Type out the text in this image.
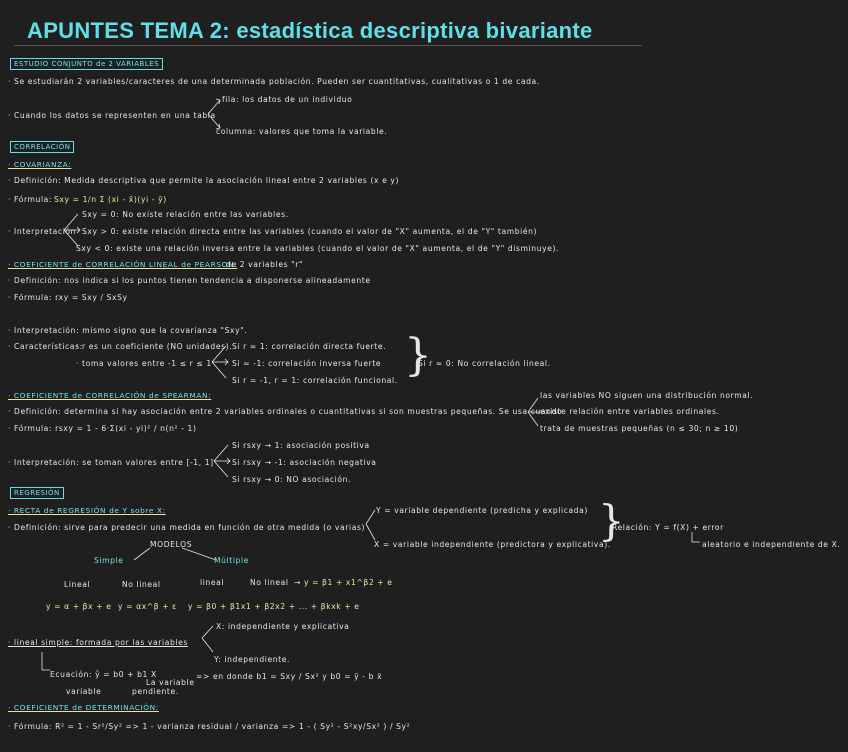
APUNTES TEMA 2: estadística descriptiva bivariante
ESTUDIO CONJUNTO de 2 VARIABLES
· Se estudiarán 2 variables/caracteres de una determinada población. Pueden ser cuantitativas, cualitativas o 1 de cada.
· Cuando los datos se representen en una tabla
fila: los datos de un individuo
columna: valores que toma la variable.
CORRELACIÓN
· COVARIANZA:
· Definición: Medida descriptiva que permite la asociación lineal entre 2 variables (x e y)
· Fórmula: Sxy = 1/n Σ (xi - x̄)(yi - ȳ)
· Interpretación
Sxy = 0: No existe relación entre las variables.
Sxy > 0: existe relación directa entre las variables (cuando el valor de "X" aumenta, el de "Y" también)
Sxy < 0: existe una relación inversa entre la variables (cuando el valor de "X" aumenta, el de "Y" disminuye).
· COEFICIENTE de CORRELACIÓN LINEAL de PEARSON:
de 2 variables "r"
· Definición: nos indica si los puntos tienen tendencia a disponerse alineadamente
· Fórmula: rxy = Sxy / SxSy
· Interpretación: mismo signo que la covarianza "Sxy".
· Características:
· r es un coeficiente (NO unidades).
· toma valores entre -1 ≤ r ≤ 1
Si r ≈ 1: correlación directa fuerte.
Si ≈ -1: correlación inversa fuerte
Si r = -1, r = 1: correlación funcional. }
Si r ≈ 0: No correlación lineal.
· COEFICIENTE de CORRELACIÓN de SPEARMAN:	las variables NO siguen una distribución normal.
· Definición: determina si hay asociación entre 2 variables ordinales o cuantitativas si son muestras pequeñas. Se usa cuando
existe relación entre variables ordinales.
trata de muestras pequeñas (n ≤ 30; n ≥ 10)
· Fórmula: rsxy = 1 - 6·Σ(xi - yi)² / n(n² - 1)
· Interpretación: se toman valores entre [-1, 1]
Si rsxy → 1: asociación positiva
Si rsxy → -1: asociación negativa
Si rsxy → 0: NO asociación.
REGRESIÓN
· RECTA de REGRESIÓN de Y sobre X:	Y = variable dependiente (predicha y explicada)
· Definición: sirve para predecir una medida en función de otra medida (o varias)
X = variable independiente (predictora y explicativa).
}
Relación: Y = f(X) + error
aleatorio e independiente de X.
MODELOS
Simple	Múltiple
Lineal	No lineal	lineal	No lineal → y = β1 + x1^β2 + e
y = α + βx + e y = αx^β + ε y = β0 + β1x1 + β2x2 + ... + βkxk + e
· lineal simple: formada por las variables
X: independiente y explicativa
Y: independiente.
Ecuación: ŷ = b0 + b1 X
La variable
variable	pendiente.
=> en donde b1 = Sxy / Sx² y b0 = ȳ - b x̄
· COEFICIENTE de DETERMINACIÓN:
· Fórmula: R² = 1 - Sr²/Sy² => 1 - varianza residual / varianza => 1 - ( Sy² - S²xy/Sx² ) / Sy²
